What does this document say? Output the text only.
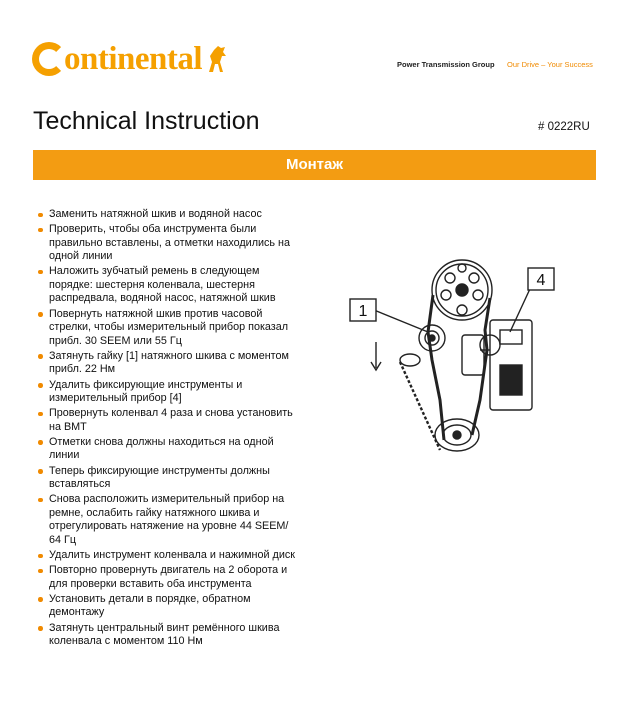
ontinental	Power Transmission Group Our Drive – Your Success
Technical Instruction	# 0222RU
Монтаж
Заменить натяжной шкив и водяной насос
Проверить, чтобы оба инструмента были правильно вставлены, а отметки находились на одной линии
Наложить зубчатый ремень в следующем порядке: шестерня коленвала, шестерня распредвала, водяной насос, натяжной шкив
Повернуть натяжной шкив против часовой стрелки, чтобы измерительный прибор показал прибл. 30 SEEM или 55 Гц
Затянуть гайку [1] натяжного шкива с моментом прибл. 22 Нм
Удалить фиксирующие инструменты и измерительный прибор [4]
Провернуть коленвал 4 раза и снова установить на ВМТ
Отметки снова должны находиться на одной линии
Теперь фиксирующие инструменты должны вставляться
Снова расположить измерительный прибор на ремне, ослабить гайку натяжного шкива и отрегулировать натяжение на уровне 44 SEEM/ 64 Гц
Удалить инструмент коленвала и нажимной диск
Повторно провернуть двигатель на 2 оборота и для проверки вставить оба инструмента
Установить детали в порядке, обратном демонтажу
Затянуть центральный винт ремённого шкива коленвала с моментом 110 Нм
1
4
